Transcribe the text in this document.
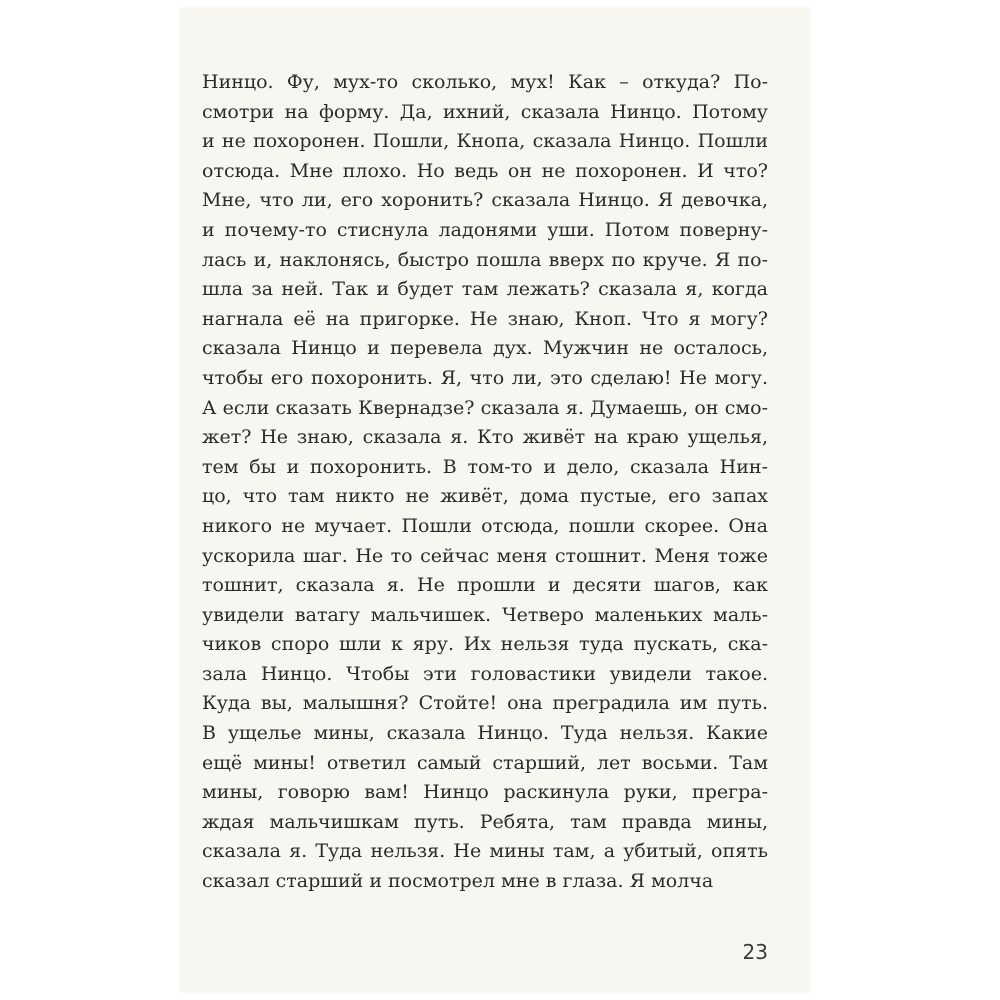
Нинцо. Фу, мух-то сколько, мух! Как – откуда? По-
смотри на форму. Да, ихний, сказала Нинцо. Потому
и не похоронен. Пошли, Кнопа, сказала Нинцо. Пошли
отсюда. Мне плохо. Но ведь он не похоронен. И что?
Мне, что ли, его хоронить? сказала Нинцо. Я девочка,
и почему-то стиснула ладонями уши. Потом поверну-
лась и, наклонясь, быстро пошла вверх по круче. Я по-
шла за ней. Так и будет там лежать? сказала я, когда
нагнала её на пригорке. Не знаю, Кноп. Что я могу?
сказала Нинцо и перевела дух. Мужчин не осталось,
чтобы его похоронить. Я, что ли, это сделаю! Не могу.
А если сказать Квернадзе? сказала я. Думаешь, он смо-
жет? Не знаю, сказала я. Кто живёт на краю ущелья,
тем бы и похоронить. В том-то и дело, сказала Нин-
цо, что там никто не живёт, дома пустые, его запах
никого не мучает. Пошли отсюда, пошли скорее. Она
ускорила шаг. Не то сейчас меня стошнит. Меня тоже
тошнит, сказала я. Не прошли и десяти шагов, как
увидели ватагу мальчишек. Четверо маленьких маль-
чиков споро шли к яру. Их нельзя туда пускать, ска-
зала Нинцо. Чтобы эти головастики увидели такое.
Куда вы, малышня? Стойте! она преградила им путь.
В ущелье мины, сказала Нинцо. Туда нельзя. Какие
ещё мины! ответил самый старший, лет восьми. Там
мины, говорю вам! Нинцо раскинула руки, прегра-
ждая мальчишкам путь. Ребята, там правда мины,
сказала я. Туда нельзя. Не мины там, а убитый, опять
сказал старший и посмотрел мне в глаза. Я молча
23
